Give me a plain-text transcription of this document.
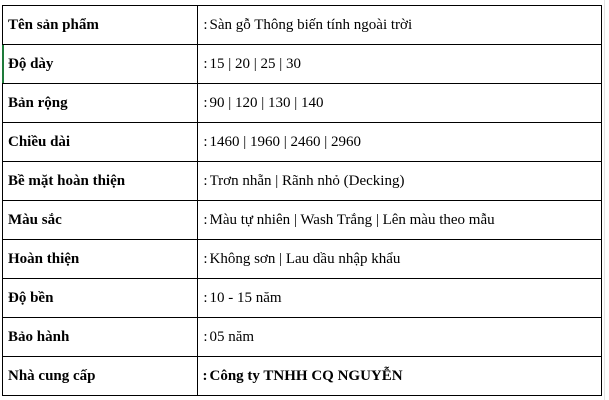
Tên sản phẩm	:	Sàn gỗ Thông biến tính ngoài trời
Độ dày	:	15 | 20 | 25 | 30
Bản rộng	:	90 | 120 | 130 | 140
Chiều dài	:	1460 | 1960 | 2460 | 2960
Bề mặt hoàn thiện	:	Trơn nhẵn | Rãnh nhỏ (Decking)
Màu sắc	:	Màu tự nhiên | Wash Trắng | Lên màu theo mẫu
Hoàn thiện	:	Không sơn | Lau dầu nhập khẩu
Độ bền	:	10 - 15 năm
Bảo hành	:	05 năm
Nhà cung cấp	:	Công ty TNHH CQ NGUYỄN
